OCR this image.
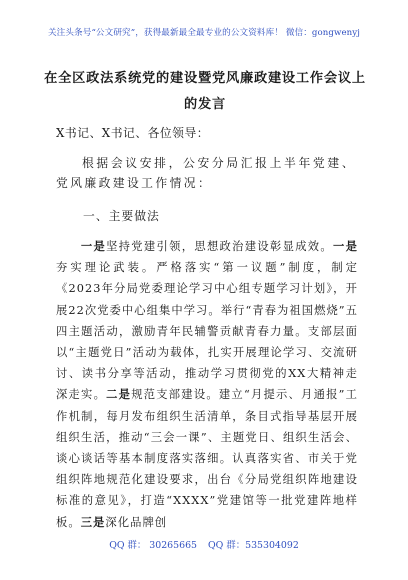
关注头条号“公文研究”，获得最新最全最专业的公文资料库！ 微信：gongwenyj
在全区政法系统党的建设暨党风廉政建设工作会议上的发言
X书记、X书记、各位领导：

根据会议安排，公安分局汇报上半年党建、党风廉政建设工作情况：

一、主要做法

一是坚持党建引领，思想政治建设彰显成效。一是夯实理论武装。严格落实“第一议题”制度，制定《2023年分局党委理论学习中心组专题学习计划》，开展22次党委中心组集中学习。举行“青春为祖国燃烧”五四主题活动，激励青年民辅警贡献青春力量。支部层面以“主题党日”活动为载体，扎实开展理论学习、交流研讨、读书分享等活动，推动学习贯彻党的XX大精神走深走实。二是规范支部建设。建立“月提示、月通报”工作机制，每月发布组织生活清单，条目式指导基层开展组织生活，推动“三会一课”、主题党日、组织生活会、谈心谈话等基本制度落实落细。认真落实省、市关于党组织阵地规范化建设要求，出台《分局党组织阵地建设标准的意见》，打造“XXXX”党建馆等一批党建阵地样板。三是深化品牌创

QQ 群： 30265665 QQ 群：535304092
